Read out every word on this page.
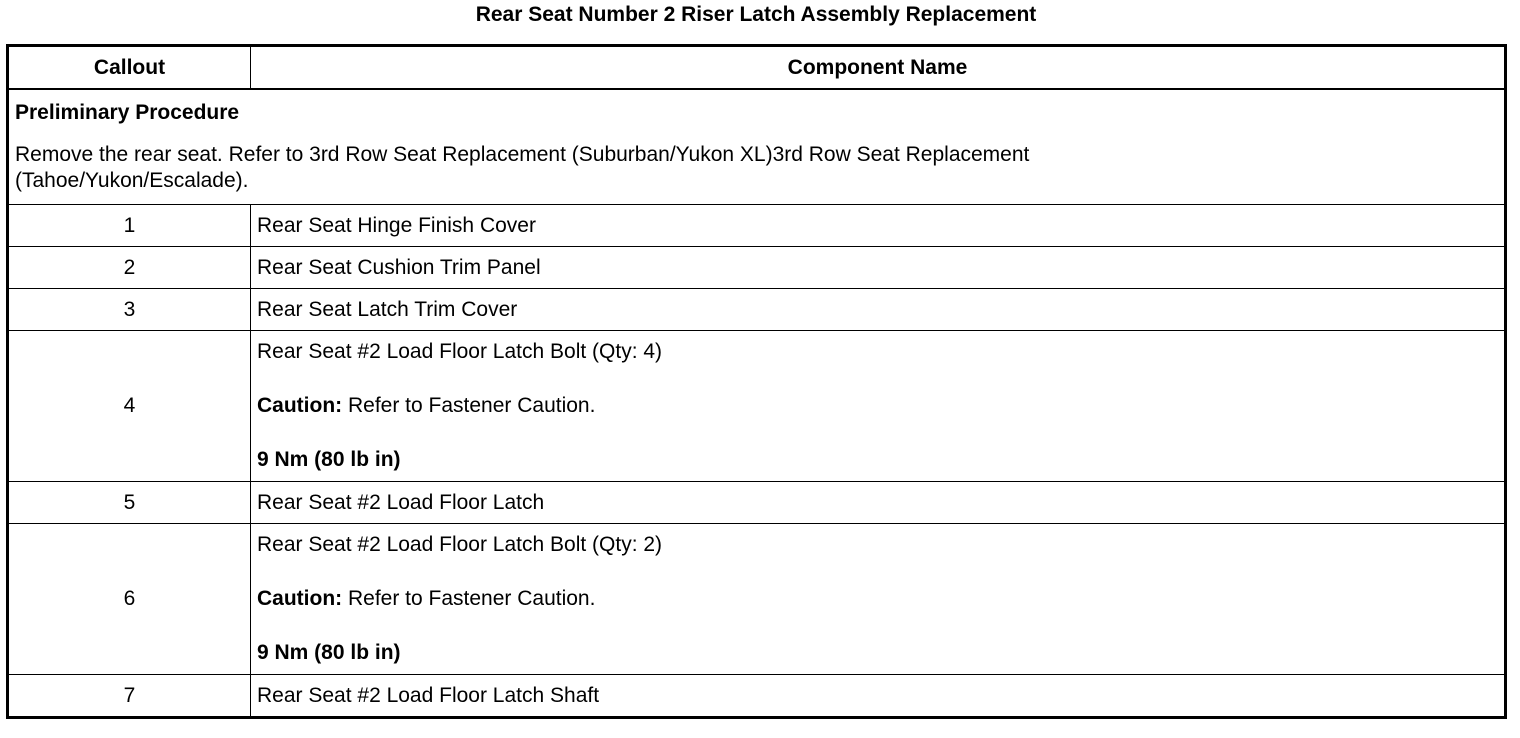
Rear Seat Number 2 Riser Latch Assembly Replacement
Callout	Component Name

Preliminary Procedure
Remove the rear seat. Refer to 3rd Row Seat Replacement (Suburban/Yukon XL)3rd Row Seat Replacement (Tahoe/Yukon/Escalade).	

1	Rear Seat Hinge Finish Cover
2	Rear Seat Cushion Trim Panel
3	Rear Seat Latch Trim Cover
4	Rear Seat #2 Load Floor Latch Bolt (Qty: 4)
Caution: Refer to Fastener Caution.
9 Nm (80 lb in)

5	Rear Seat #2 Load Floor Latch
6	Rear Seat #2 Load Floor Latch Bolt (Qty: 2)
Caution: Refer to Fastener Caution.
9 Nm (80 lb in)

7	Rear Seat #2 Load Floor Latch Shaft
